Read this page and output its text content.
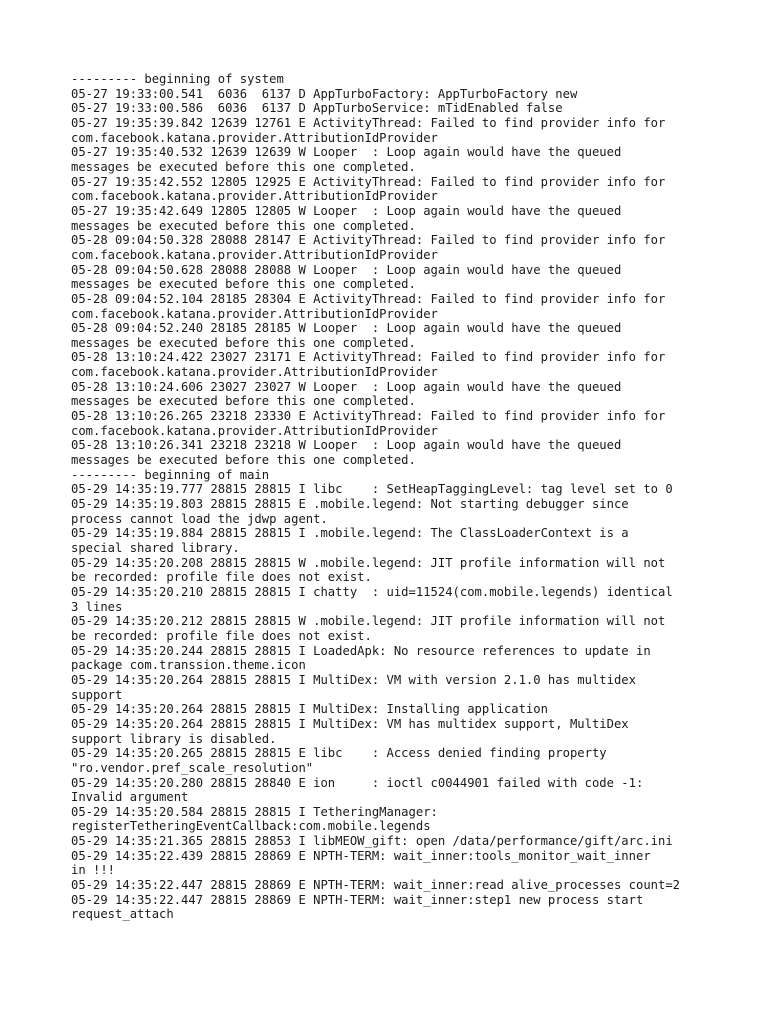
--------- beginning of system
05-27 19:33:00.541  6036  6137 D AppTurboFactory: AppTurboFactory new
05-27 19:33:00.586  6036  6137 D AppTurboService: mTidEnabled false
05-27 19:35:39.842 12639 12761 E ActivityThread: Failed to find provider info for
com.facebook.katana.provider.AttributionIdProvider
05-27 19:35:40.532 12639 12639 W Looper  : Loop again would have the queued
messages be executed before this one completed.
05-27 19:35:42.552 12805 12925 E ActivityThread: Failed to find provider info for
com.facebook.katana.provider.AttributionIdProvider
05-27 19:35:42.649 12805 12805 W Looper  : Loop again would have the queued
messages be executed before this one completed.
05-28 09:04:50.328 28088 28147 E ActivityThread: Failed to find provider info for
com.facebook.katana.provider.AttributionIdProvider
05-28 09:04:50.628 28088 28088 W Looper  : Loop again would have the queued
messages be executed before this one completed.
05-28 09:04:52.104 28185 28304 E ActivityThread: Failed to find provider info for
com.facebook.katana.provider.AttributionIdProvider
05-28 09:04:52.240 28185 28185 W Looper  : Loop again would have the queued
messages be executed before this one completed.
05-28 13:10:24.422 23027 23171 E ActivityThread: Failed to find provider info for
com.facebook.katana.provider.AttributionIdProvider
05-28 13:10:24.606 23027 23027 W Looper  : Loop again would have the queued
messages be executed before this one completed.
05-28 13:10:26.265 23218 23330 E ActivityThread: Failed to find provider info for
com.facebook.katana.provider.AttributionIdProvider
05-28 13:10:26.341 23218 23218 W Looper  : Loop again would have the queued
messages be executed before this one completed.
--------- beginning of main
05-29 14:35:19.777 28815 28815 I libc    : SetHeapTaggingLevel: tag level set to 0
05-29 14:35:19.803 28815 28815 E .mobile.legend: Not starting debugger since
process cannot load the jdwp agent.
05-29 14:35:19.884 28815 28815 I .mobile.legend: The ClassLoaderContext is a
special shared library.
05-29 14:35:20.208 28815 28815 W .mobile.legend: JIT profile information will not
be recorded: profile file does not exist.
05-29 14:35:20.210 28815 28815 I chatty  : uid=11524(com.mobile.legends) identical
3 lines
05-29 14:35:20.212 28815 28815 W .mobile.legend: JIT profile information will not
be recorded: profile file does not exist.
05-29 14:35:20.244 28815 28815 I LoadedApk: No resource references to update in
package com.transsion.theme.icon
05-29 14:35:20.264 28815 28815 I MultiDex: VM with version 2.1.0 has multidex
support
05-29 14:35:20.264 28815 28815 I MultiDex: Installing application
05-29 14:35:20.264 28815 28815 I MultiDex: VM has multidex support, MultiDex
support library is disabled.
05-29 14:35:20.265 28815 28815 E libc    : Access denied finding property
"ro.vendor.pref_scale_resolution"
05-29 14:35:20.280 28815 28840 E ion     : ioctl c0044901 failed with code -1:
Invalid argument
05-29 14:35:20.584 28815 28815 I TetheringManager:
registerTetheringEventCallback:com.mobile.legends
05-29 14:35:21.365 28815 28853 I libMEOW_gift: open /data/performance/gift/arc.ini
05-29 14:35:22.439 28815 28869 E NPTH-TERM: wait_inner:tools_monitor_wait_inner
in !!!
05-29 14:35:22.447 28815 28869 E NPTH-TERM: wait_inner:read alive_processes count=2
05-29 14:35:22.447 28815 28869 E NPTH-TERM: wait_inner:step1 new process start
request_attach
